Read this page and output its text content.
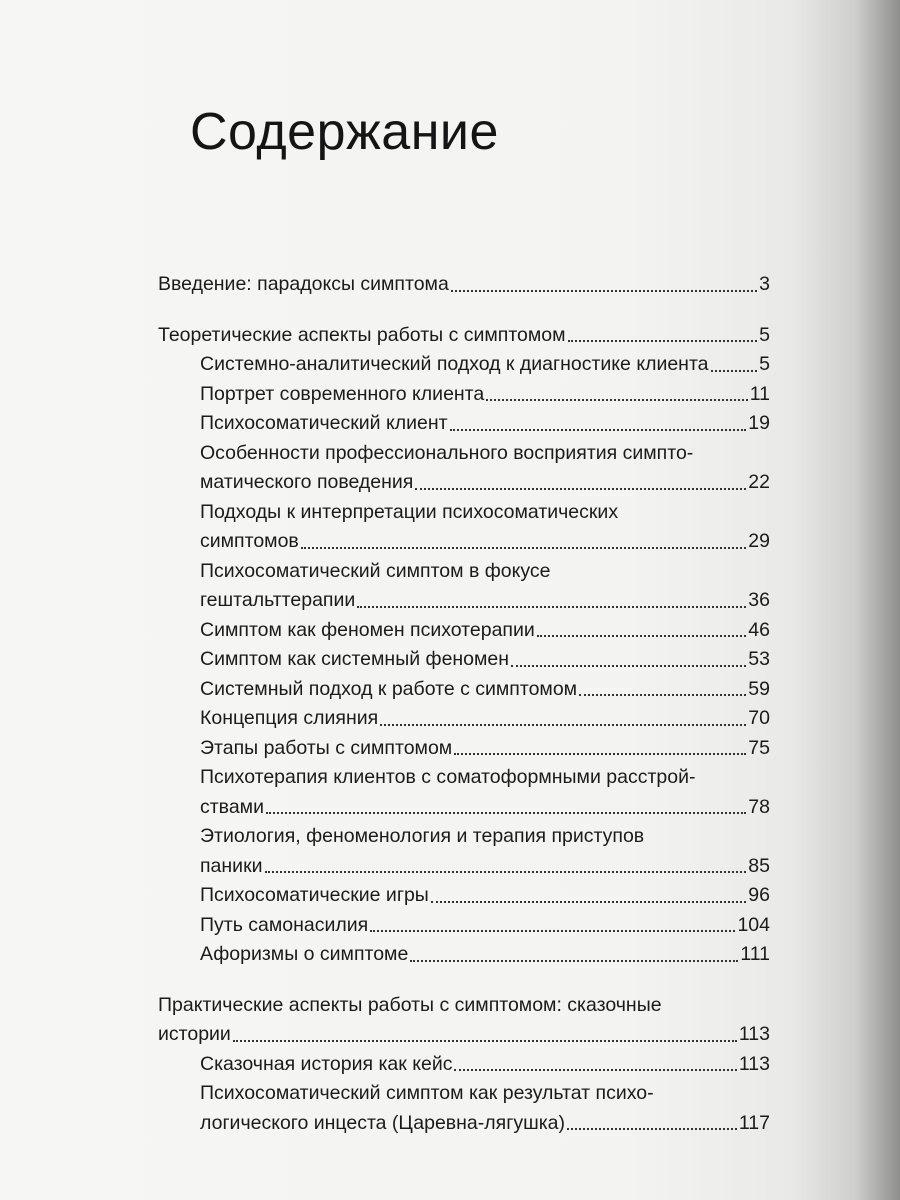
Содержание
Введение: парадоксы симптома	3
Теоретические аспекты работы с симптомом	5
Системно-аналитический подход к диагностике клиента	5
Портрет современного клиента	11
Психосоматический клиент	19
Особенности профессионального восприятия симпто-
матического поведения	22
Подходы к интерпретации психосоматических
симптомов	29
Психосоматический симптом в фокусе
гештальттерапии	36
Симптом как феномен психотерапии	46
Симптом как системный феномен	53
Системный подход к работе с симптомом	59
Концепция слияния	70
Этапы работы с симптомом	75
Психотерапия клиентов с соматоформными расстрой-
ствами	78
Этиология, феноменология и терапия приступов
паники	85
Психосоматические игры	96
Путь самонасилия	104
Афоризмы о симптоме	111
Практические аспекты работы с симптомом: сказочные
истории	113
Сказочная история как кейс	113
Психосоматический симптом как результат психо-
логического инцеста (Царевна-лягушка)	117
